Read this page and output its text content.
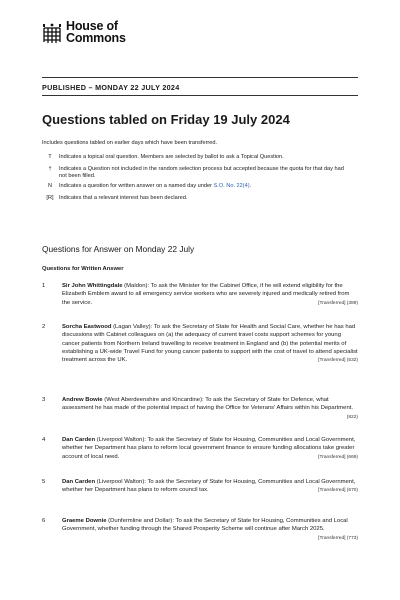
House of
Commons
PUBLISHED – MONDAY 22 JULY 2024
Questions tabled on Friday 19 July 2024
Includes questions tabled on earlier days which have been transferred.
T	Indicates a topical oral question. Members are selected by ballot to ask a Topical Question.
†	Indicates a Question not included in the random selection process but accepted because the quota for that day had not been filled.
N	Indicates a question for written answer on a named day under S.O. No. 22(4).
[R] Indicates that a relevant interest has been declared.
Questions for Answer on Monday 22 July
Questions for Written Answer
1	Sir John Whittingdale (Maldon): To ask the Minister for the Cabinet Office, if he will extend eligibility for the Elizabeth Emblem award to all emergency service workers who are severely injured and medically retired from the service.	[Transferred] (389)
2	Sorcha Eastwood (Lagan Valley): To ask the Secretary of State for Health and Social Care, whether he has had discussions with Cabinet colleagues on (a) the adequacy of current travel costs support schemes for young cancer patients from Northern Ireland travelling to receive treatment in England and (b) the potential merits of establishing a UK-wide Travel Fund for young cancer patients to support with the cost of travel to attend specialist treatment across the UK.	[Transferred] (532)
3	Andrew Bowie (West Aberdeenshire and Kincardine): To ask the Secretary of State for Defence, what assessment he has made of the potential impact of having the Office for Veterans' Affairs within his Department.
(822)
4	Dan Carden (Liverpool Walton): To ask the Secretary of State for Housing, Communities and Local Government, whether her Department has plans to reform local government finance to ensure funding allocations take greater account of local need.	[Transferred] (669)
5	Dan Carden (Liverpool Walton): To ask the Secretary of State for Housing, Communities and Local Government, whether her Department has plans to reform council tax.	[Transferred] (670)
6	Graeme Downie (Dunfermline and Dollar): To ask the Secretary of State for Housing, Communities and Local Government, whether funding through the Shared Prosperity Scheme will continue after March 2025.
[Transferred] (773)
